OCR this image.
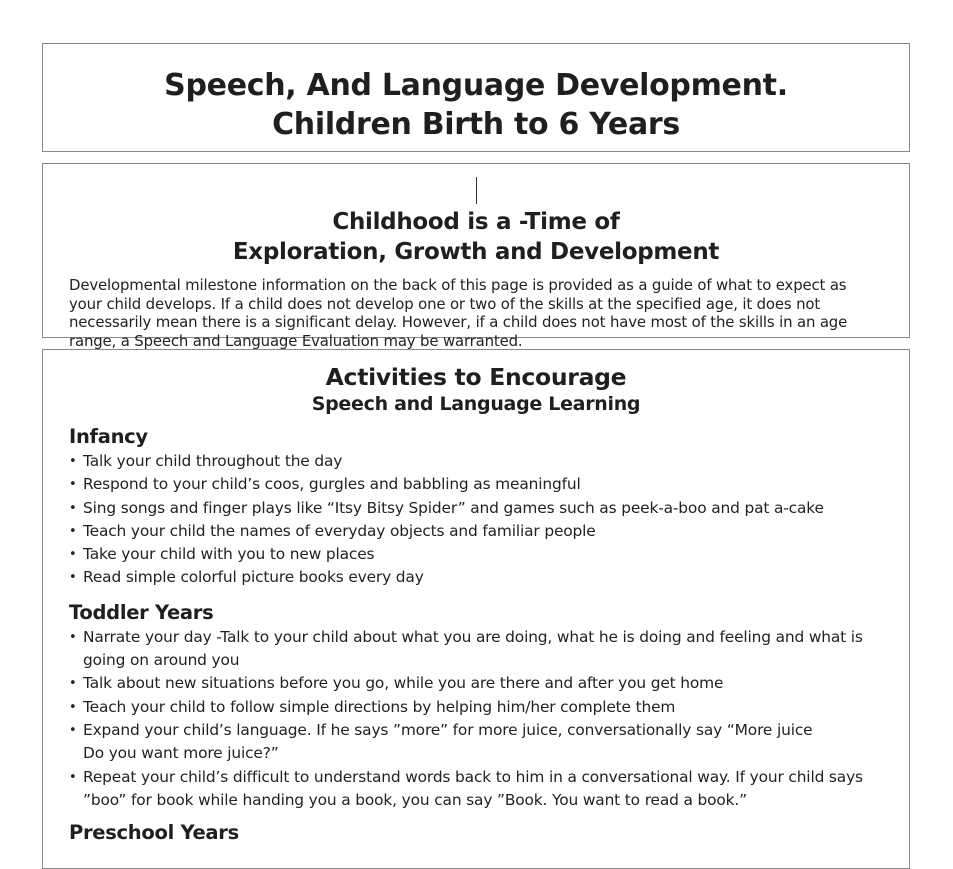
Speech, And Language Development.
Children Birth to 6 Years
Childhood is a -Time of
Exploration, Growth and Development

Developmental milestone information on the back of this page is provided as a guide of what to expect as your child develops. If a child does not develop one or two of the skills at the specified age, it does not necessarily mean there is a significant delay. However, if a child does not have most of the skills in an age range, a Speech and Language Evaluation may be warranted.

Activities to Encourage
Speech and Language Learning
Infancy
• Talk your child throughout the day
• Respond to your child’s coos, gurgles and babbling as meaningful
• Sing songs and finger plays like “Itsy Bitsy Spider” and games such as peek-a-boo and pat a-cake
• Teach your child the names of everyday objects and familiar people
• Take your child with you to new places
• Read simple colorful picture books every day
Toddler Years
• Narrate your day -Talk to your child about what you are doing, what he is doing and feeling and what is going on around you
• Talk about new situations before you go, while you are there and after you get home
• Teach your child to follow simple directions by helping him/her complete them
• Expand your child’s language. If he says ”more” for more juice, conversationally say “More juice
Do you want more juice?”
• Repeat your child’s difficult to understand words back to him in a conversational way. If your child says ”boo” for book while handing you a book, you can say ”Book. You want to read a book.”
Preschool Years
